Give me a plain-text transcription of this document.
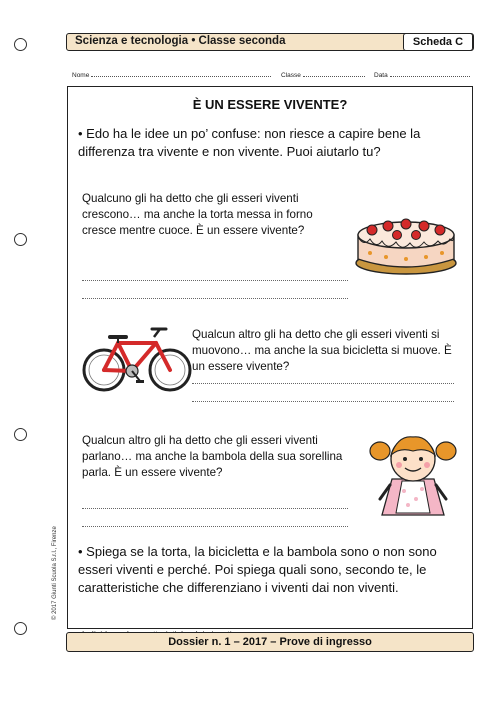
Scienza e tecnologia • Classe seconda	Scheda C
Nome	Classe	Data
È UN ESSERE VIVENTE?
• Edo ha le idee un po’ confuse: non riesce a capire bene la differenza tra vivente e non vivente. Puoi aiutarlo tu?
Qualcuno gli ha detto che gli esseri viventi crescono… ma anche la torta messa in forno cresce mentre cuoce. È un essere vivente?
Qualcun altro gli ha detto che gli esseri viventi si muovono… ma anche la sua bicicletta si muove. È un essere vivente?
Qualcun altro gli ha detto che gli esseri viventi parlano… ma anche la bambola della sua sorellina parla. È un essere vivente?
• Spiega se la torta, la bicicletta e la bambola sono o non sono esseri viventi e perché. Poi spiega quali sono, secondo te, le caratteristiche che differenziano i viventi dai non viventi.
© 2017 Giunti Scuola S.r.l., Firenze
Dossier n. 1 – 2017 – Prove di ingresso
